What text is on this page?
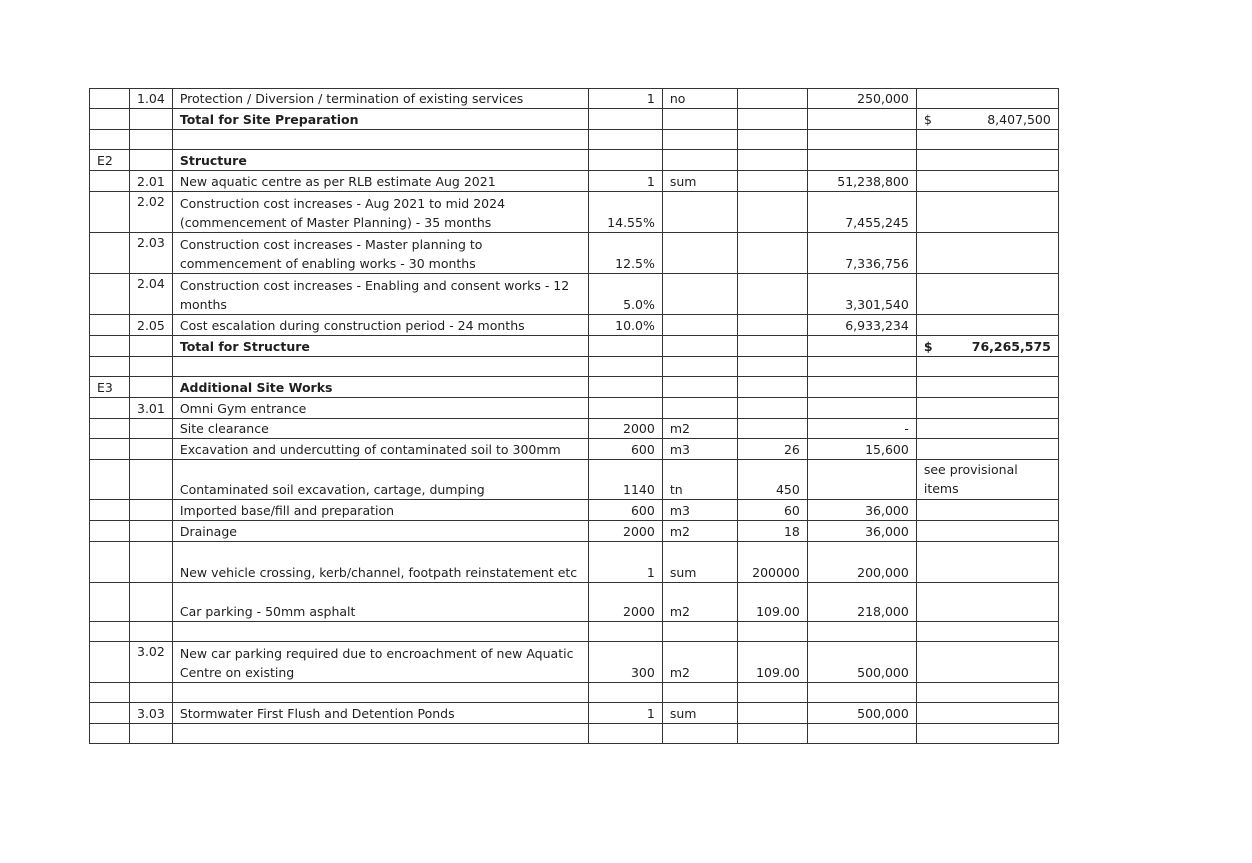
	1.04	Protection / Diversion / termination of existing services	1	no		250,000	
		Total for Site Preparation					$ 8,407,500

E2		Structure					
	2.01	New aquatic centre as per RLB estimate Aug 2021	1	sum		51,238,800	
	2.02	Construction cost increases - Aug 2021 to mid 2024 (commencement of Master Planning) - 35 months	14.55%			7,455,245	
	2.03	Construction cost increases - Master planning to commencement of enabling works - 30 months	12.5%			7,336,756	
	2.04	Construction cost increases - Enabling and consent works - 12 months	5.0%			3,301,540	
	2.05	Cost escalation during construction period - 24 months	10.0%			6,933,234	
		Total for Structure					$ 76,265,575

E3		Additional Site Works					
	3.01	Omni Gym entrance					
		Site clearance	2000	m2		-	
		Excavation and undercutting of contaminated soil to 300mm	600	m3	26	15,600	
		Contaminated soil excavation, cartage, dumping	1140	tn	450		see provisional items
		Imported base/fill and preparation	600	m3	60	36,000	
		Drainage	2000	m2	18	36,000	
		New vehicle crossing, kerb/channel, footpath reinstatement etc	1	sum	200000	200,000	
		Car parking - 50mm asphalt	2000	m2	109.00	218,000	

	3.02	New car parking required due to encroachment of new Aquatic Centre on existing	300	m2	109.00	500,000	

	3.03	Stormwater First Flush and Detention Ponds	1	sum		500,000	
